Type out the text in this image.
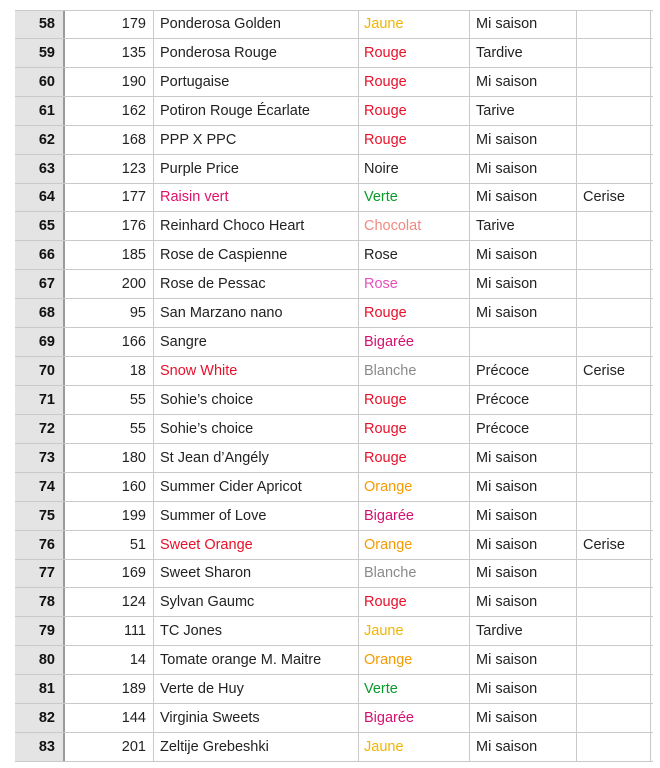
58	179 Ponderosa Golden	Jaune	Mi saison
59	135 Ponderosa Rouge	Rouge	Tardive
60	190 Portugaise	Rouge	Mi saison
61	162 Potiron Rouge Écarlate	Rouge	Tarive
62	168 PPP X PPC	Rouge	Mi saison
63	123 Purple Price	Noire	Mi saison
64	177 Raisin vert	Verte	Mi saison	Cerise
65	176 Reinhard Choco Heart	Chocolat	Tarive
66	185 Rose de Caspienne	Rose	Mi saison
67	200 Rose de Pessac	Rose	Mi saison
68	95 San Marzano nano	Rouge	Mi saison
69	166 Sangre	Bigarée
70	18 Snow White	Blanche	Précoce	Cerise
71	55 Sohie’s choice	Rouge	Précoce
72	55 Sohie’s choice	Rouge	Précoce
73	180 St Jean d’Angély	Rouge	Mi saison
74	160 Summer Cider Apricot	Orange	Mi saison
75	199 Summer of Love	Bigarée	Mi saison
76	51 Sweet Orange	Orange	Mi saison	Cerise
77	169 Sweet Sharon	Blanche	Mi saison
78	124 Sylvan Gaumc	Rouge	Mi saison
79	111 TC Jones	Jaune	Tardive
80	14 Tomate orange M. Maitre	Orange	Mi saison
81	189 Verte de Huy	Verte	Mi saison
82	144 Virginia Sweets	Bigarée	Mi saison
83	201 Zeltije Grebeshki	Jaune	Mi saison
